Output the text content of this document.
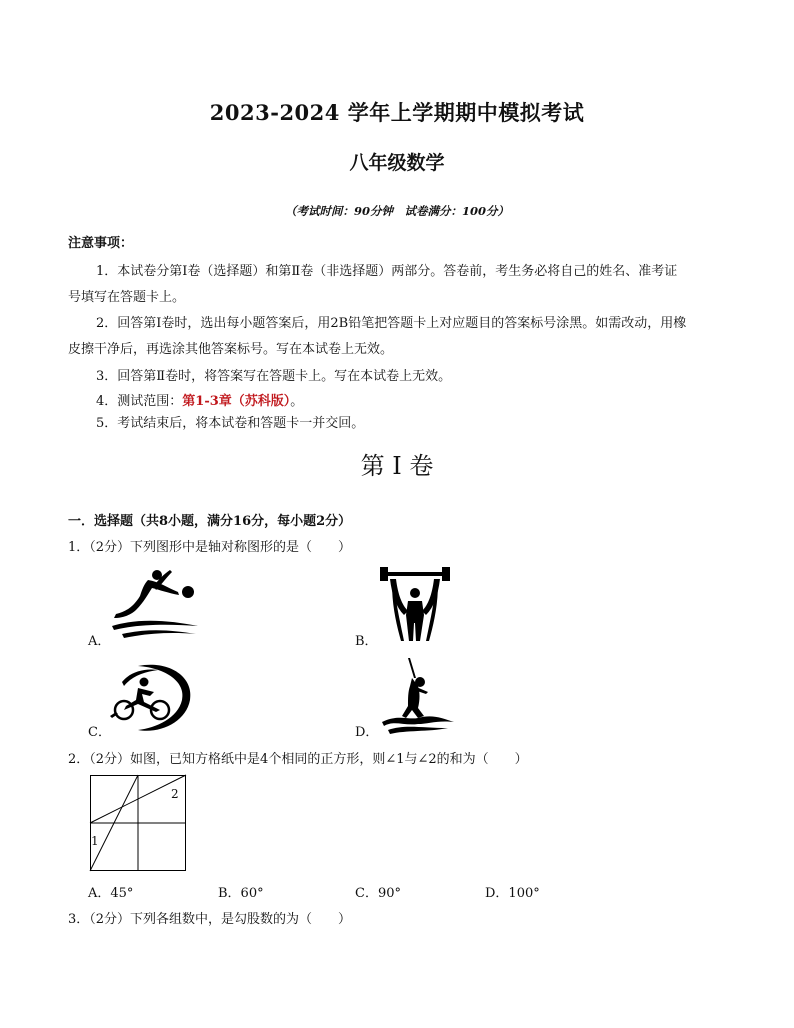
2023-2024 学年上学期期中模拟考试
八年级数学
（考试时间：90分钟　试卷满分：100分）
注意事项：
1．本试卷分第Ⅰ卷（选择题）和第Ⅱ卷（非选择题）两部分。答卷前，考生务必将自己的姓名、准考证
号填写在答题卡上。
2．回答第Ⅰ卷时，选出每小题答案后，用2B铅笔把答题卡上对应题目的答案标号涂黑。如需改动，用橡
皮擦干净后，再选涂其他答案标号。写在本试卷上无效。
3．回答第Ⅱ卷时，将答案写在答题卡上。写在本试卷上无效。
4．测试范围：第1-3章（苏科版）。
5．考试结束后，将本试卷和答题卡一并交回。
第 I 卷
一．选择题（共8小题，满分16分，每小题2分）
1．（2分）下列图形中是轴对称图形的是（　　）
A．	B．
C．	D．
2．（2分）如图，已知方格纸中是4个相同的正方形，则∠1与∠2的和为（　　）
1
2
A．45°	B．60°	C．90°	D．100°
3．（2分）下列各组数中，是勾股数的为（　　）
